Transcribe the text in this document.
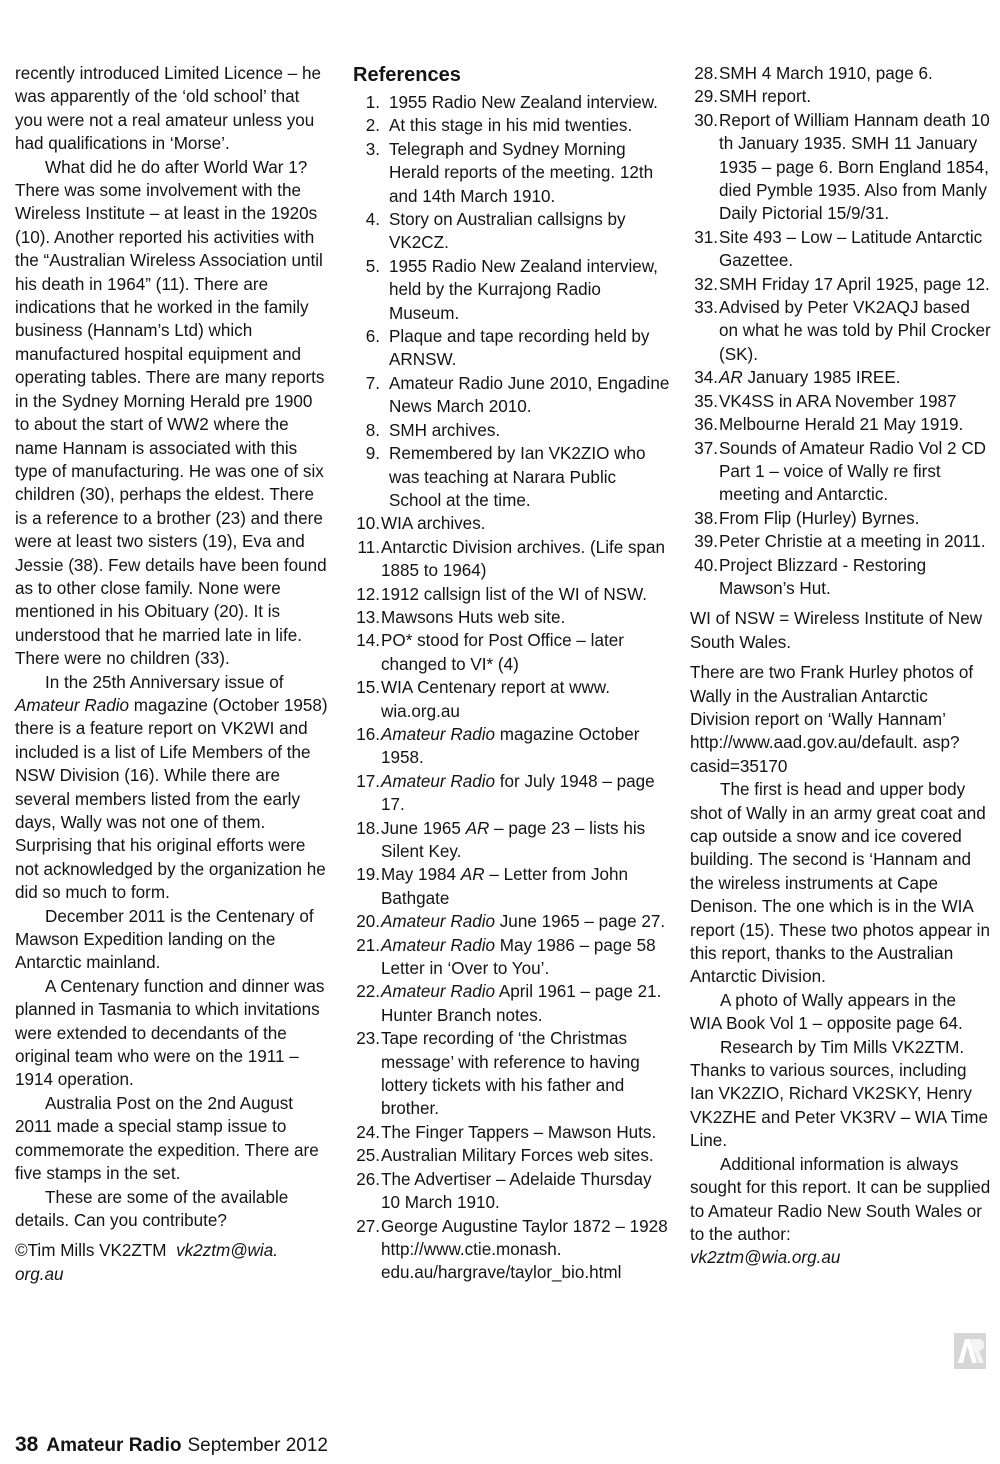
recently introduced Limited Licence – he was apparently of the ‘old school’ that you were not a real amateur unless you had qualifications in ‘Morse’.

What did he do after World War 1? There was some involvement with the Wireless Institute – at least in the 1920s (10). Another reported his activities with the “Australian Wireless Association until his death in 1964” (11). There are indications that he worked in the family business (Hannam’s Ltd) which manufactured hospital equipment and operating tables. There are many reports in the Sydney Morning Herald pre 1900 to about the start of WW2 where the name Hannam is associated with this type of manufacturing. He was one of six children (30), perhaps the eldest. There is a reference to a brother (23) and there were at least two sisters (19), Eva and Jessie (38). Few details have been found as to other close family. None were mentioned in his Obituary (20). It is understood that he married late in life. There were no children (33).

In the 25th Anniversary issue of Amateur Radio magazine (October 1958) there is a feature report on VK2WI and included is a list of Life Members of the NSW Division (16). While there are several members listed from the early days, Wally was not one of them. Surprising that his original efforts were not acknowledged by the organization he did so much to form.

December 2011 is the Centenary of Mawson Expedition landing on the Antarctic mainland.

A Centenary function and dinner was planned in Tasmania to which invitations were extended to decendants of the original team who were on the 1911 – 1914 operation.

Australia Post on the 2nd August 2011 made a special stamp issue to commemorate the expedition. There are five stamps in the set.

These are some of the available details. Can you contribute?

©Tim Mills VK2ZTM vk2ztm@wia. org.au

References
1. 1955 Radio New Zealand interview.
2. At this stage in his mid twenties.
3. Telegraph and Sydney Morning Herald reports of the meeting. 12th and 14th March 1910.
4. Story on Australian callsigns by VK2CZ.
5. 1955 Radio New Zealand interview, held by the Kurrajong Radio Museum.
6. Plaque and tape recording held by ARNSW.
7. Amateur Radio June 2010, Engadine News March 2010.
8. SMH archives.
9. Remembered by Ian VK2ZIO who was teaching at Narara Public School at the time.
10. WIA archives.
11. Antarctic Division archives. (Life span 1885 to 1964)
12. 1912 callsign list of the WI of NSW.
13. Mawsons Huts web site.
14. PO* stood for Post Office – later changed to VI* (4)
15. WIA Centenary report at www. wia.org.au
16. Amateur Radio magazine October 1958.
17. Amateur Radio for July 1948 – page 17.
18. June 1965 AR – page 23 – lists his Silent Key.
19. May 1984 AR – Letter from John Bathgate
20. Amateur Radio June 1965 – page 27.
21. Amateur Radio May 1986 – page 58 Letter in ‘Over to You’.
22. Amateur Radio April 1961 – page 21. Hunter Branch notes.
23. Tape recording of ‘the Christmas message’ with reference to having lottery tickets with his father and brother.
24. The Finger Tappers – Mawson Huts.
25. Australian Military Forces web sites.
26. The Advertiser – Adelaide Thursday 10 March 1910.
27. George Augustine Taylor 1872 – 1928 http://www.ctie.monash. edu.au/hargrave/taylor_bio.html
28. SMH 4 March 1910, page 6.
29. SMH report.
30. Report of William Hannam death 10 th January 1935. SMH 11 January 1935 – page 6. Born England 1854, died Pymble 1935. Also from Manly Daily Pictorial 15/9/31.
31. Site 493 – Low – Latitude Antarctic Gazettee.
32. SMH Friday 17 April 1925, page 12.
33. Advised by Peter VK2AQJ based on what he was told by Phil Crocker (SK).
34. AR January 1985 IREE.
35. VK4SS in ARA November 1987
36. Melbourne Herald 21 May 1919.
37. Sounds of Amateur Radio Vol 2 CD Part 1 – voice of Wally re first meeting and Antarctic.
38. From Flip (Hurley) Byrnes.
39. Peter Christie at a meeting in 2011.
40. Project Blizzard - Restoring Mawson’s Hut.

WI of NSW = Wireless Institute of New South Wales.

There are two Frank Hurley photos of Wally in the Australian Antarctic Division report on ‘Wally Hannam’ http://www.aad.gov.au/default. asp?casid=35170

The first is head and upper body shot of Wally in an army great coat and cap outside a snow and ice covered building. The second is ‘Hannam and the wireless instruments at Cape Denison. The one which is in the WIA report (15). These two photos appear in this report, thanks to the Australian Antarctic Division.

A photo of Wally appears in the WIA Book Vol 1 – opposite page 64.

Research by Tim Mills VK2ZTM. Thanks to various sources, including Ian VK2ZIO, Richard VK2SKY, Henry VK2ZHE and Peter VK3RV – WIA Time Line.

Additional information is always sought for this report. It can be supplied to Amateur Radio New South Wales or to the author:

vk2ztm@wia.org.au

38 Amateur Radio September 2012
